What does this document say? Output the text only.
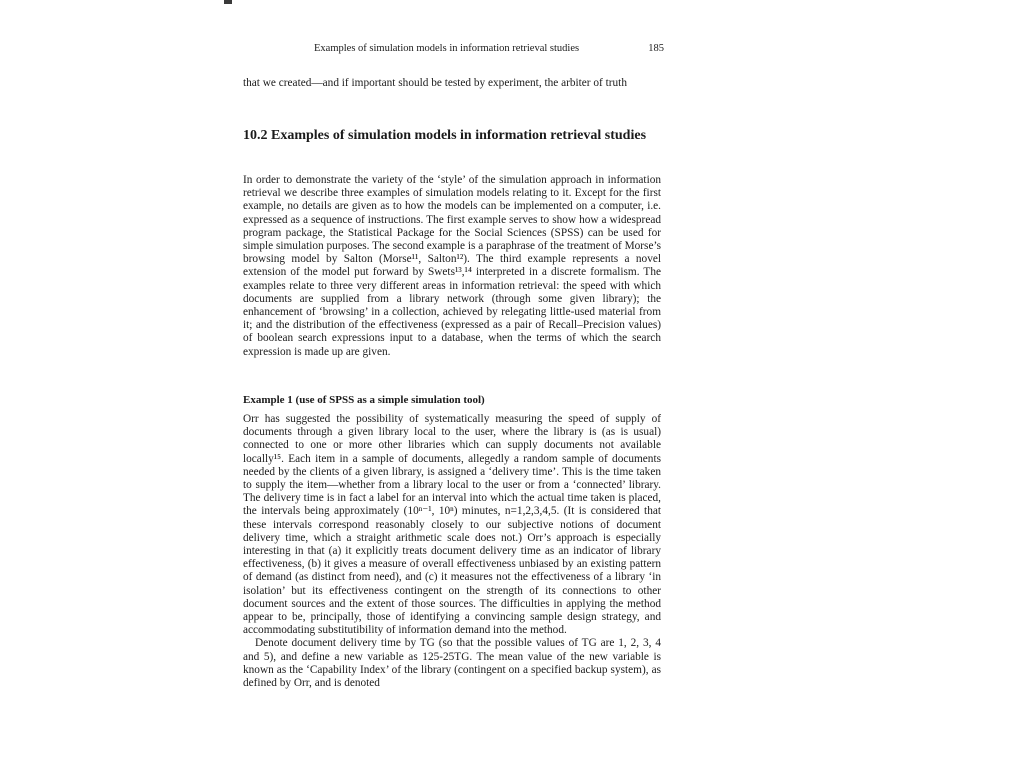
Examples of simulation models in information retrieval studies	185

that we created—and if important should be tested by experiment, the arbiter of truth

10.2 Examples of simulation models in information retrieval studies

In order to demonstrate the variety of the ‘style’ of the simulation approach in information retrieval we describe three examples of simulation models relating to it. Except for the first example, no details are given as to how the models can be implemented on a computer, i.e. expressed as a sequence of instructions. The first example serves to show how a widespread program package, the Statistical Package for the Social Sciences (SPSS) can be used for simple simulation purposes. The second example is a paraphrase of the treatment of Morse’s browsing model by Salton (Morse¹¹, Salton¹²). The third example represents a novel extension of the model put forward by Swets¹³,¹⁴ interpreted in a discrete formalism. The examples relate to three very different areas in information retrieval: the speed with which documents are supplied from a library network (through some given library); the enhancement of ‘browsing’ in a collection, achieved by relegating little-used material from it; and the distribution of the effectiveness (expressed as a pair of Recall–Precision values) of boolean search expressions input to a database, when the terms of which the search expression is made up are given.

Example 1 (use of SPSS as a simple simulation tool)

Orr has suggested the possibility of systematically measuring the speed of supply of documents through a given library local to the user, where the library is (as is usual) connected to one or more other libraries which can supply documents not available locally¹⁵. Each item in a sample of documents, allegedly a random sample of documents needed by the clients of a given library, is assigned a ‘delivery time’. This is the time taken to supply the item—whether from a library local to the user or from a ‘connected’ library. The delivery time is in fact a label for an interval into which the actual time taken is placed, the intervals being approximately (10ⁿ⁻¹, 10ⁿ) minutes, n=1,2,3,4,5. (It is considered that these intervals correspond reasonably closely to our subjective notions of document delivery time, which a straight arithmetic scale does not.) Orr’s approach is especially interesting in that (a) it explicitly treats document delivery time as an indicator of library effectiveness, (b) it gives a measure of overall effectiveness unbiased by an existing pattern of demand (as distinct from need), and (c) it measures not the effectiveness of a library ‘in isolation’ but its effectiveness contingent on the strength of its connections to other document sources and the extent of those sources. The difficulties in applying the method appear to be, principally, those of identifying a convincing sample design strategy, and accommodating substitutibility of information demand into the method.

Denote document delivery time by TG (so that the possible values of TG are 1, 2, 3, 4 and 5), and define a new variable as 125-25TG. The mean value of the new variable is known as the ‘Capability Index’ of the library (contingent on a specified backup system), as defined by Orr, and is denoted
